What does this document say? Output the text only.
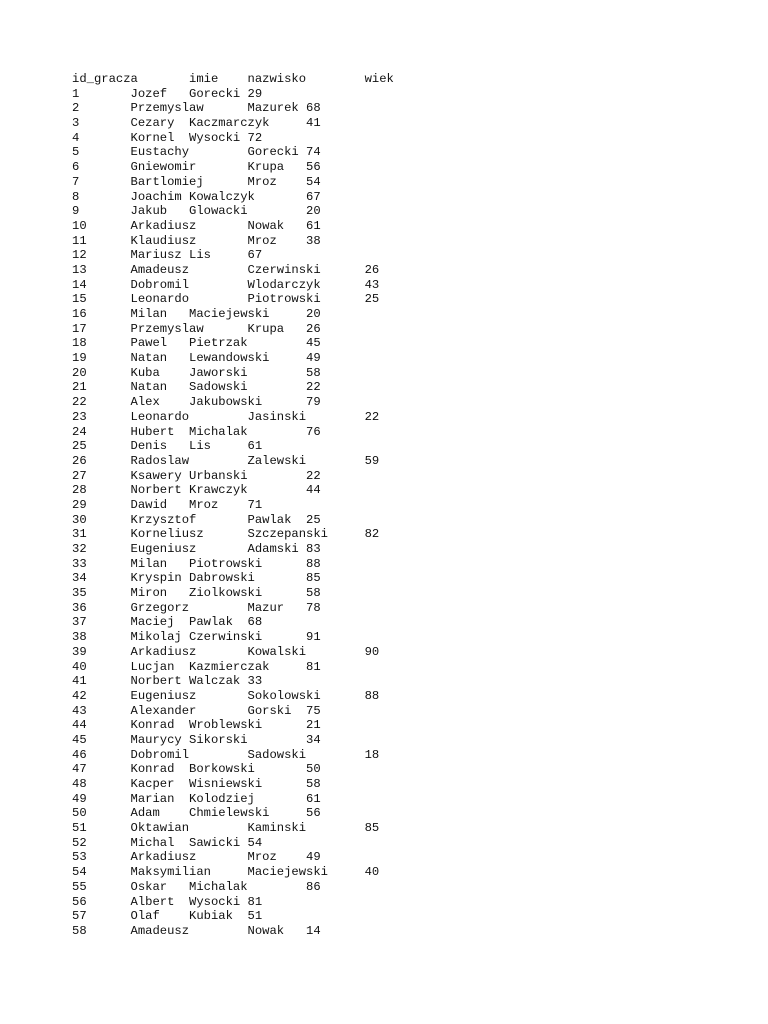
id_gracza	imie	nazwisko	wiek
1	Jozef	Gorecki	29
2	Przemyslaw	Mazurek	68
3	Cezary	Kaczmarczyk	41
4	Kornel	Wysocki	72
5	Eustachy	Gorecki	74
6	Gniewomir	Krupa	56
7	Bartlomiej	Mroz	54
8	Joachim	Kowalczyk	67
9	Jakub	Glowacki	20
10	Arkadiusz	Nowak	61
11	Klaudiusz	Mroz	38
12	Mariusz	Lis	67
13	Amadeusz	Czerwinski	26
14	Dobromil	Wlodarczyk	43
15	Leonardo	Piotrowski	25
16	Milan	Maciejewski	20
17	Przemyslaw	Krupa	26
18	Pawel	Pietrzak	45
19	Natan	Lewandowski	49
20	Kuba	Jaworski	58
21	Natan	Sadowski	22
22	Alex	Jakubowski	79
23	Leonardo	Jasinski	22
24	Hubert	Michalak	76
25	Denis	Lis	61
26	Radoslaw	Zalewski	59
27	Ksawery	Urbanski	22
28	Norbert	Krawczyk	44
29	Dawid	Mroz	71
30	Krzysztof	Pawlak	25
31	Korneliusz	Szczepanski	82
32	Eugeniusz	Adamski	83
33	Milan	Piotrowski	88
34	Kryspin	Dabrowski	85
35	Miron	Ziolkowski	58
36	Grzegorz	Mazur	78
37	Maciej	Pawlak	68
38	Mikolaj	Czerwinski	91
39	Arkadiusz	Kowalski	90
40	Lucjan	Kazmierczak	81
41	Norbert	Walczak	33
42	Eugeniusz	Sokolowski	88
43	Alexander	Gorski	75
44	Konrad	Wroblewski	21
45	Maurycy	Sikorski	34
46	Dobromil	Sadowski	18
47	Konrad	Borkowski	50
48	Kacper	Wisniewski	58
49	Marian	Kolodziej	61
50	Adam	Chmielewski	56
51	Oktawian	Kaminski	85
52	Michal	Sawicki	54
53	Arkadiusz	Mroz	49
54	Maksymilian	Maciejewski	40
55	Oskar	Michalak	86
56	Albert	Wysocki	81
57	Olaf	Kubiak	51
58	Amadeusz	Nowak	14
